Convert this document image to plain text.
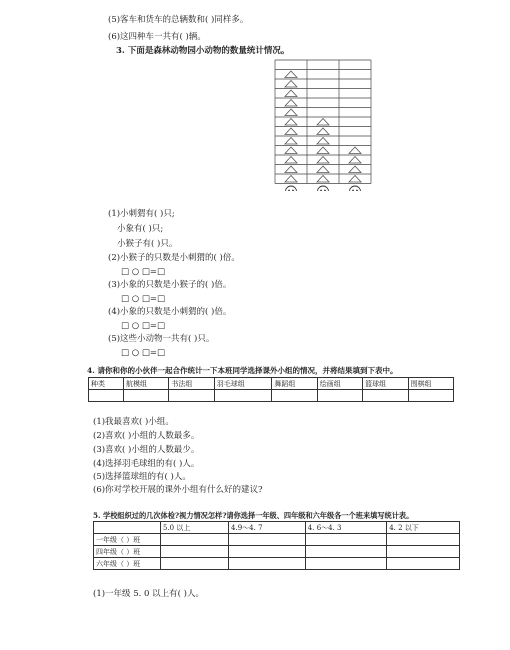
(5)客车和货车的总辆数和( )同样多。
(6)这四种车一共有( )辆。
3. 下面是森林动物园小动物的数量统计情况。
(1)小刺猬有( )只;
小象有( )只;
小猴子有( )只。
(2)小猴子的只数是小刺猬的( )倍。
□ ○ □=□
(3)小象的只数是小猴子的( )倍。
□ ○ □=□
(4)小象的只数是小刺猬的( )倍。
□ ○ □=□
(5)这些小动物一共有( )只。
□ ○ □=□
4. 请你和你的小伙伴一起合作统计一下本班同学选择课外小组的情况，并将结果填到下表中。
种类	航模组	书法组	羽毛球组	舞蹈组	绘画组	篮球组	围棋组

(1)我最喜欢( )小组。
(2)喜欢( )小组的人数最多。
(3)喜欢( )小组的人数最少。
(4)选择羽毛球组的有( )人。
(5)选择篮球组的有( )人。
(6)你对学校开展的课外小组有什么好的建议?
5. 学校组织过的几次体检?视力情况怎样?请你选择一年级、四年级和六年级各一个班来填写统计表。
	5.0 以上	4.9～4. 7	4. 6～4. 3	4. 2 以下
一年级（ ）班				
四年级（ ）班				
六年级（ ）班				
(1)一年级 5. 0 以上有( )人。
